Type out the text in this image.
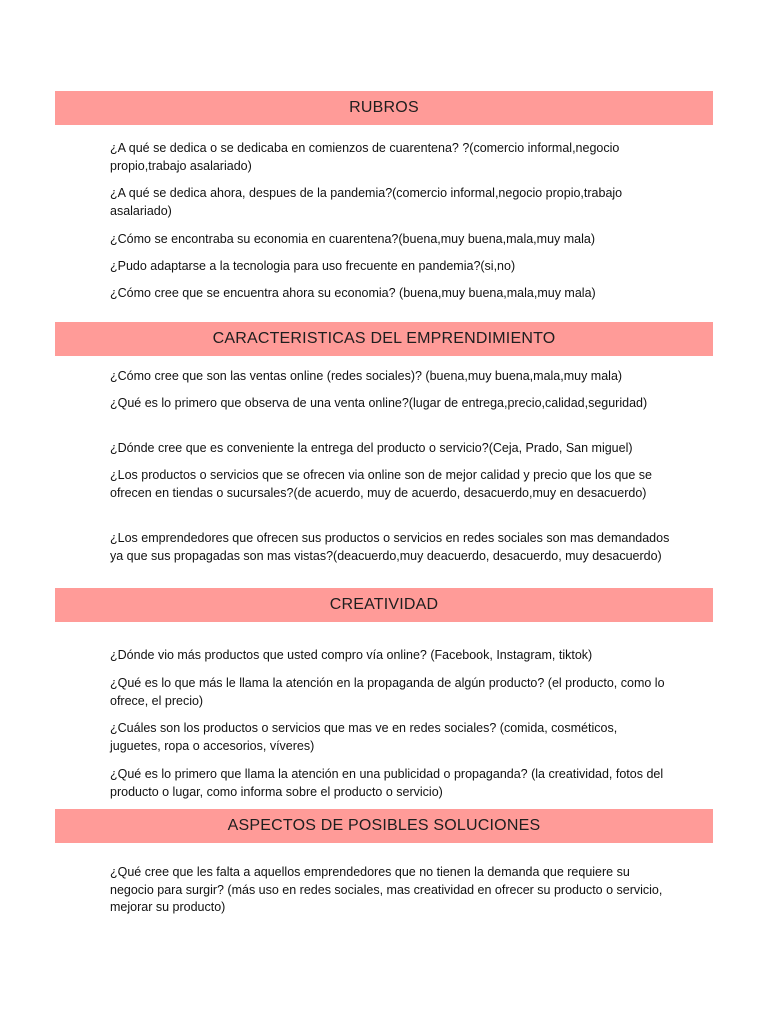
RUBROS

¿A qué se dedica o se dedicaba en comienzos de cuarentena? ?(comercio informal,negocio propio,trabajo asalariado)

¿A qué se dedica ahora, despues de la pandemia?(comercio informal,negocio propio,trabajo asalariado)

¿Cómo se encontraba su economia en cuarentena?(buena,muy buena,mala,muy mala)

¿Pudo adaptarse a la tecnologia para uso frecuente en pandemia?(si,no)

¿Cómo cree que se encuentra ahora su economia? (buena,muy buena,mala,muy mala)

CARACTERISTICAS DEL EMPRENDIMIENTO

¿Cómo cree que son las ventas online (redes sociales)? (buena,muy buena,mala,muy mala)

¿Qué es lo primero que observa de una venta online?(lugar de entrega,precio,calidad,seguridad)

¿Dónde cree que es conveniente la entrega del producto o servicio?(Ceja, Prado, San miguel)

¿Los productos o servicios que se ofrecen via online son de mejor calidad y precio que los que se ofrecen en tiendas o sucursales?(de acuerdo, muy de acuerdo, desacuerdo,muy en desacuerdo)

¿Los emprendedores que ofrecen sus productos o servicios en redes sociales son mas demandados ya que sus propagadas son mas vistas?(deacuerdo,muy deacuerdo, desacuerdo, muy desacuerdo)

CREATIVIDAD

¿Dónde vio más productos que usted compro vía online? (Facebook, Instagram, tiktok)

¿Qué es lo que más le llama la atención en la propaganda de algún producto? (el producto, como lo ofrece, el precio)

¿Cuáles son los productos o servicios que mas ve en redes sociales? (comida, cosméticos, juguetes, ropa o accesorios, víveres)

¿Qué es lo primero que llama la atención en una publicidad o propaganda? (la creatividad, fotos del producto o lugar, como informa sobre el producto o servicio)

ASPECTOS DE POSIBLES SOLUCIONES

¿Qué cree que les falta a aquellos emprendedores que no tienen la demanda que requiere su negocio para surgir? (más uso en redes sociales, mas creatividad en ofrecer su producto o servicio, mejorar su producto)
